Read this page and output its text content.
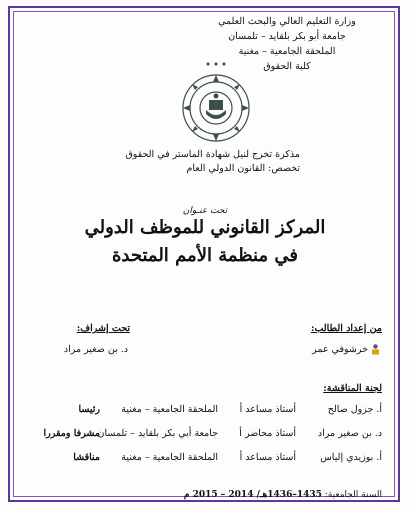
وزارة التعليم العالي والبحث العلمي
جامعة أبو بكر بلقايد – تلمسان
الملحقة الجامعية – مغنية
كلية الحقوق
مذكرة تخرج لنيل شهادة الماستر في الحقوق
تخصص: القانون الدولي العام
تحت عنـوان
المركز القانوني للموظف الدولي
في منظمة الأمم المتحدة
من إعداد الطالب:
خرشوفي عمر
تحت إشراف:
د. بن صغير مراد
لجنة المناقشة:
أ. جزول صالح
أستاذ مساعد أ
الملحقة الجامعية – مغنية
رئيسا
د. بن صغير مراد
أستاذ محاضر أ
جامعة أبي بكر بلقايد – تلمسان
مشرفا ومقررا
أ. بوزيدي إلياس
أستاذ مساعد أ
الملحقة الجامعية – مغنية
مناقشا
السنة الجامعية: 1435–1436هـ/ 2014 – 2015 م
